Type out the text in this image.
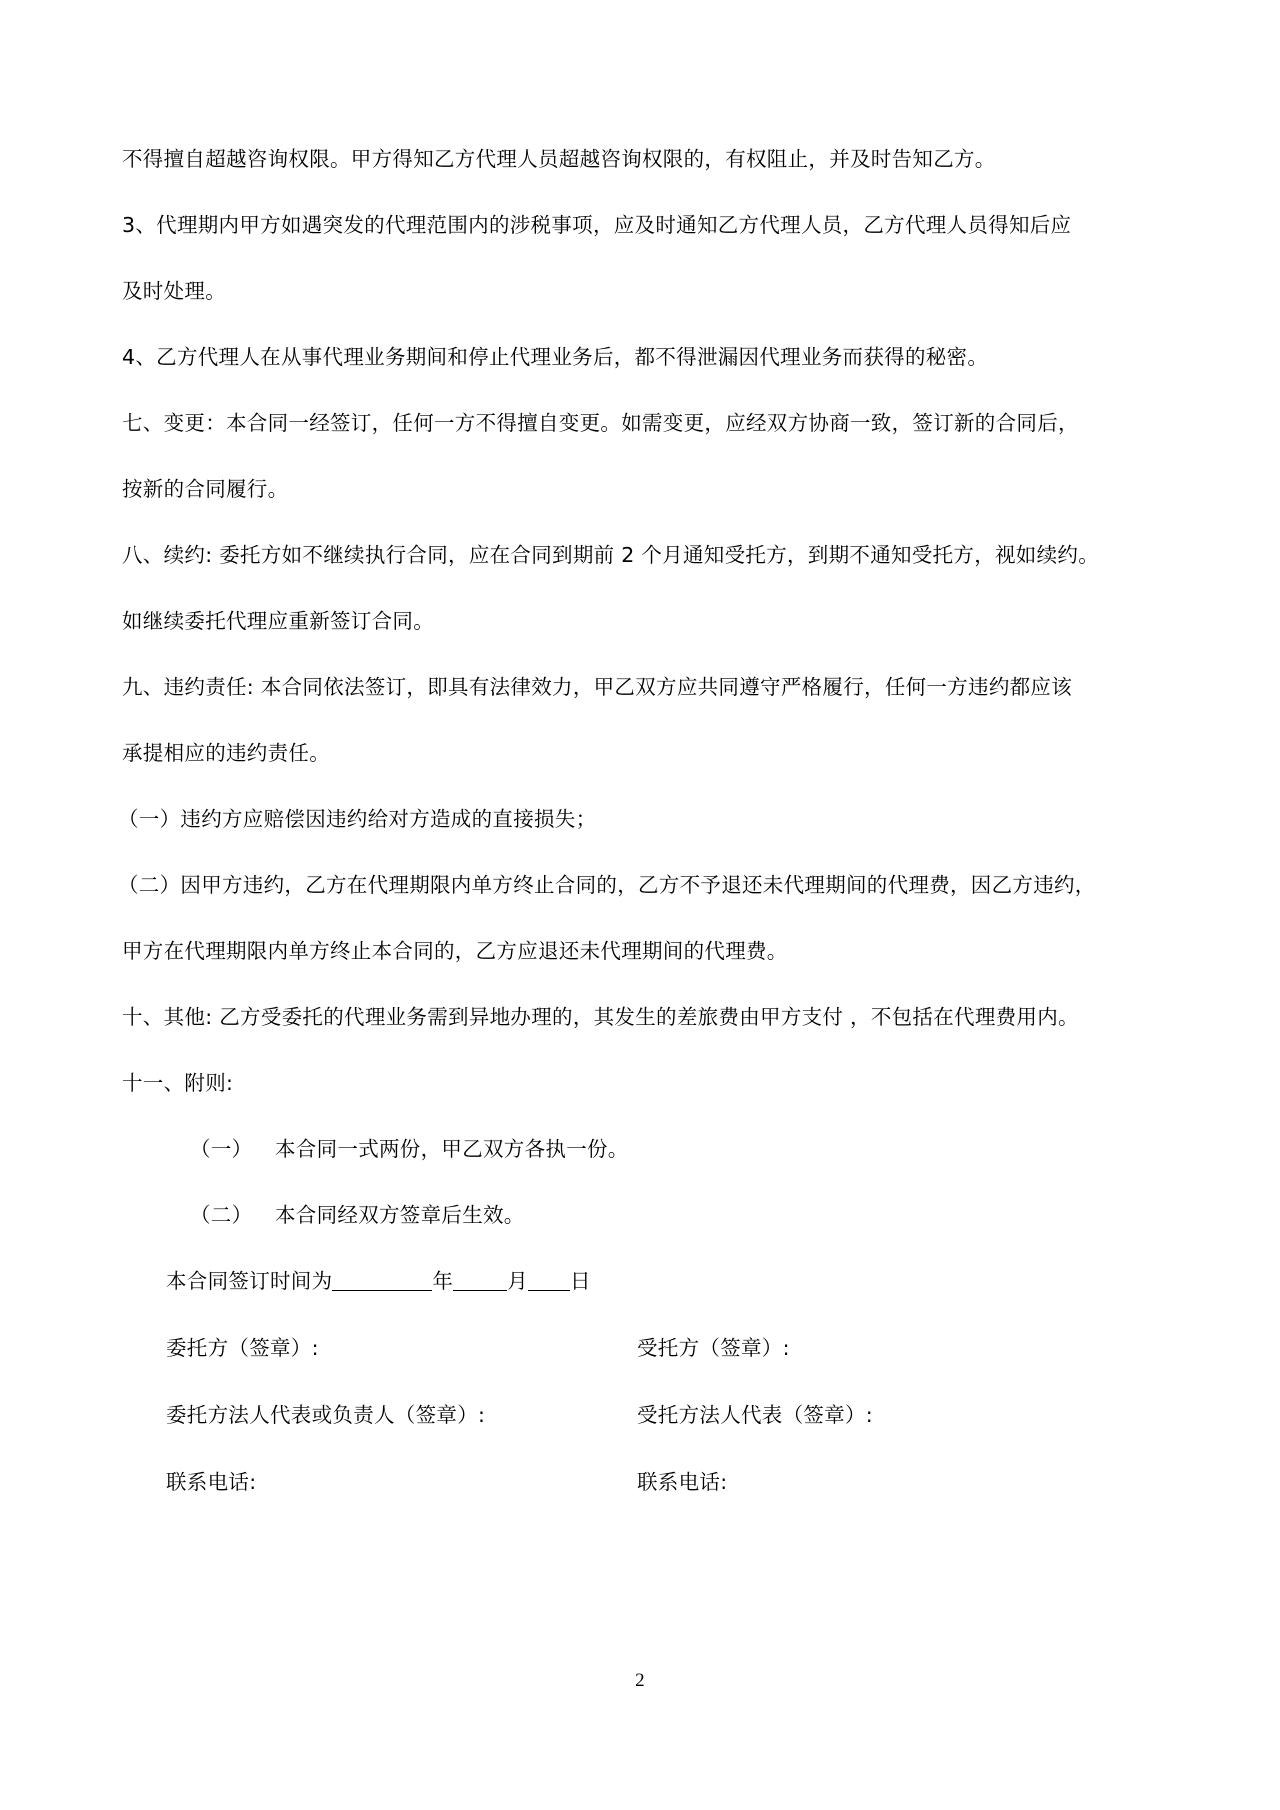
不得擅自超越咨询权限。甲方得知乙方代理人员超越咨询权限的，有权阻止，并及时告知乙方。
3、代理期内甲方如遇突发的代理范围内的涉税事项，应及时通知乙方代理人员，乙方代理人员得知后应
及时处理。
4、乙方代理人在从事代理业务期间和停止代理业务后，都不得泄漏因代理业务而获得的秘密。
七、变更：本合同一经签订，任何一方不得擅自变更。如需变更，应经双方协商一致，签订新的合同后，
按新的合同履行。
八、续约: 委托方如不继续执行合同，应在合同到期前 2 个月通知受托方，到期不通知受托方，视如续约。
如继续委托代理应重新签订合同。
九、违约责任: 本合同依法签订，即具有法律效力，甲乙双方应共同遵守严格履行，任何一方违约都应该
承提相应的违约责任。
（一）违约方应赔偿因违约给对方造成的直接损失；
（二）因甲方违约，乙方在代理期限内单方终止合同的，乙方不予退还未代理期间的代理费，因乙方违约，
甲方在代理期限内单方终止本合同的，乙方应退还未代理期间的代理费。
十、其他: 乙方受委托的代理业务需到异地办理的，其发生的差旅费由甲方支付 ，不包括在代理费用内。
十一、附则:
（一） 本合同一式两份，甲乙双方各执一份。
（二） 本合同经双方签章后生效。
本合同签订时间为	年	月 日
委托方（签章）:	受托方（签章）:
委托方法人代表或负责人（签章）:	受托方法人代表（签章）:
联系电话:	联系电话:
2
